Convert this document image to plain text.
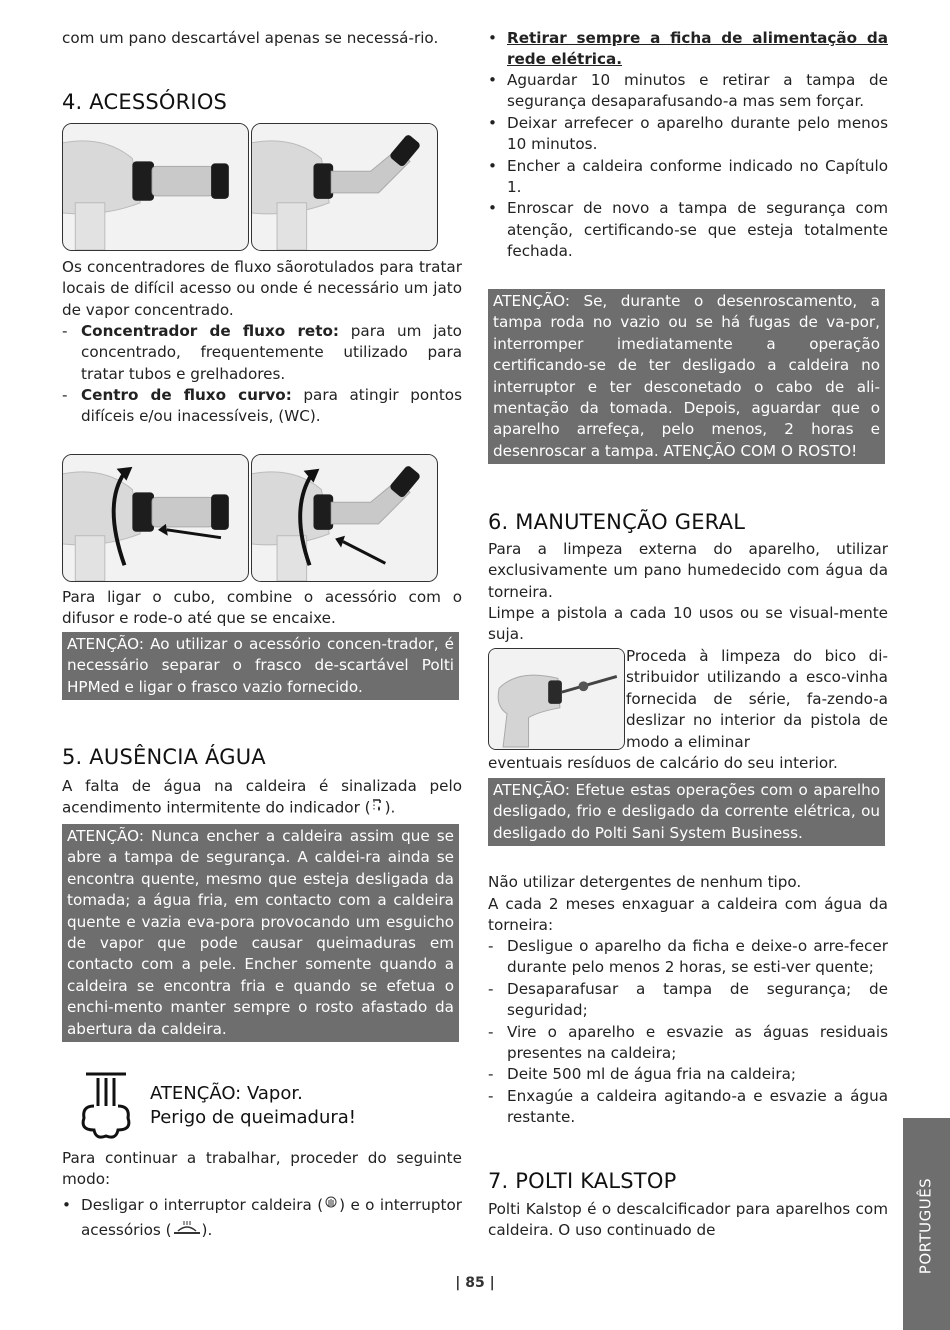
com um pano descartável apenas se necessá-rio.
4. ACESSÓRIOS
Os concentradores de fluxo sãorotulados para tratar locais de difícil acesso ou onde é necessário um jato de vapor concentrado.
- Concentrador de fluxo reto: para um jato concentrado, frequentemente utilizado para tratar tubos e grelhadores.
- Centro de fluxo curvo: para atingir pontos difíceis e/ou inacessíveis, (WC).
Para ligar o cubo, combine o acessório com o difusor e rode-o até que se encaixe.
ATENÇÃO: Ao utilizar o acessório concen-trador, é necessário separar o frasco de-scartável Polti HPMed e ligar o frasco vazio fornecido.
5. AUSÊNCIA ÁGUA
A falta de água na caldeira é sinalizada pelo acendimento intermitente do indicador ( ).
ATENÇÃO: Nunca encher a caldeira assim que se abre a tampa de segurança. A caldei-ra ainda se encontra quente, mesmo que esteja desligada da tomada; a água fria, em contacto com a caldeira quente e vazia eva-pora provocando um esguicho de vapor que pode causar queimaduras em contacto com a pele. Encher somente quando a caldeira se encontra fria e quando se efetua o enchi-mento manter sempre o rosto afastado da abertura da caldeira.
ATENÇÃO: Vapor.
Perigo de queimadura!
Para continuar a trabalhar, proceder do seguinte modo:
• Desligar o interruptor caldeira ( ) e o interruptor acessórios ( ).
• Retirar sempre a ficha de alimentação da rede elétrica.
• Aguardar 10 minutos e retirar a tampa de segurança desaparafusando-a mas sem forçar.
• Deixar arrefecer o aparelho durante pelo menos 10 minutos.
• Encher a caldeira conforme indicado no Capítulo 1.
• Enroscar de novo a tampa de segurança com atenção, certificando-se que esteja totalmente fechada.
ATENÇÃO: Se, durante o desenroscamento, a tampa roda no vazio ou se há fugas de va-por, interromper imediatamente a operação certificando-se de ter desligado a caldeira no interruptor e ter desconetado o cabo de ali-mentação da tomada. Depois, aguardar que o aparelho arrefeça, pelo menos, 2 horas e desenroscar a tampa. ATENÇÃO COM O ROSTO!
6. MANUTENÇÃO GERAL
Para a limpeza externa do aparelho, utilizar exclusivamente um pano humedecido com água da torneira.
Limpe a pistola a cada 10 usos ou se visual-mente suja.
Proceda à limpeza do bico di-stribuidor utilizando a esco-vinha fornecida de série, fa-zendo-a deslizar no interior da pistola de modo a eliminar
eventuais resíduos de calcário do seu interior.
ATENÇÃO: Efetue estas operações com o aparelho desligado, frio e desligado da corrente elétrica, ou desligado do Polti Sani System Business.
Não utilizar detergentes de nenhum tipo.
A cada 2 meses enxaguar a caldeira com água da torneira:
- Desligue o aparelho da ficha e deixe-o arre-fecer durante pelo menos 2 horas, se esti-ver quente;
- Desaparafusar a tampa de segurança; de seguridad;
- Vire o aparelho e esvazie as águas residuais presentes na caldeira;
- Deite 500 ml de água fria na caldeira;
- Enxagúe a caldeira agitando-a e esvazie a água restante.
7. POLTI KALSTOP
Polti Kalstop é o descalcificador para aparelhos com caldeira. O uso continuado de
| 85 |
PORTUGUÊS
